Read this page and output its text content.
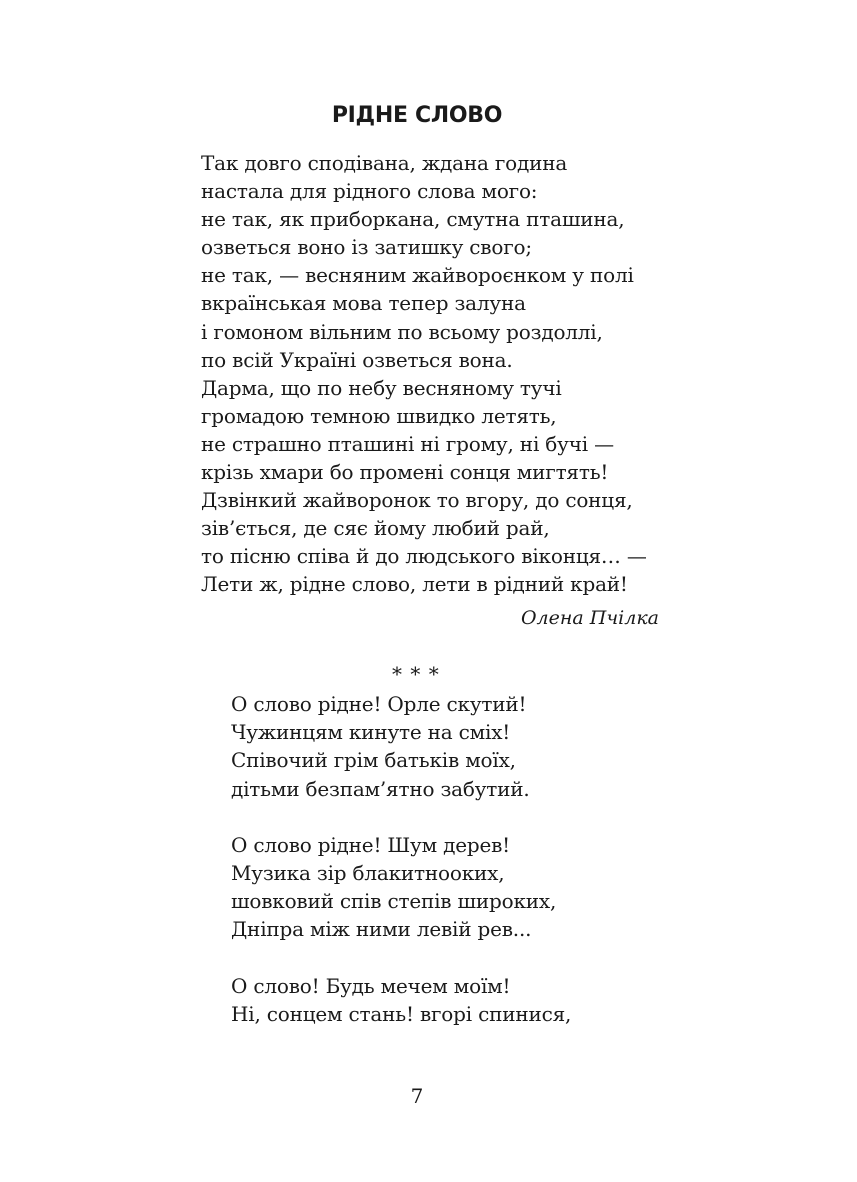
РІДНЕ СЛОВО
Так довго сподівана, ждана година
настала для рідного слова мого:
не так, як приборкана, смутна пташина,
озветься воно із затишку свого;
не так, — весняним жайвороєнком у полі
вкраїнськая мова тепер залуна
і гомоном вільним по всьому роздоллі,
по всій Україні озветься вона.
Дарма, що по небу весняному тучі
громадою темною швидко летять,
не страшно пташині ні грому, ні бучі —
крізь хмари бо промені сонця мигтять!
Дзвінкий жайворонок то вгору, до сонця,
зів’ється, де сяє йому любий рай,
то пісню співа й до людського віконця… —
Лети ж, рідне слово, лети в рідний край!
Олена Пчілка
* * *
О слово рідне! Орле скутий!
Чужинцям кинуте на сміх!
Співочий грім батьків моїх,
дітьми безпам’ятно забутий.
О слово рідне! Шум дерев!
Музика зір блакитноокиx,
шовковий спів степів широких,
Дніпра між ними левій рев...
О слово! Будь мечем моїм!
Ні, сонцем стань! вгорі спинися,
7
